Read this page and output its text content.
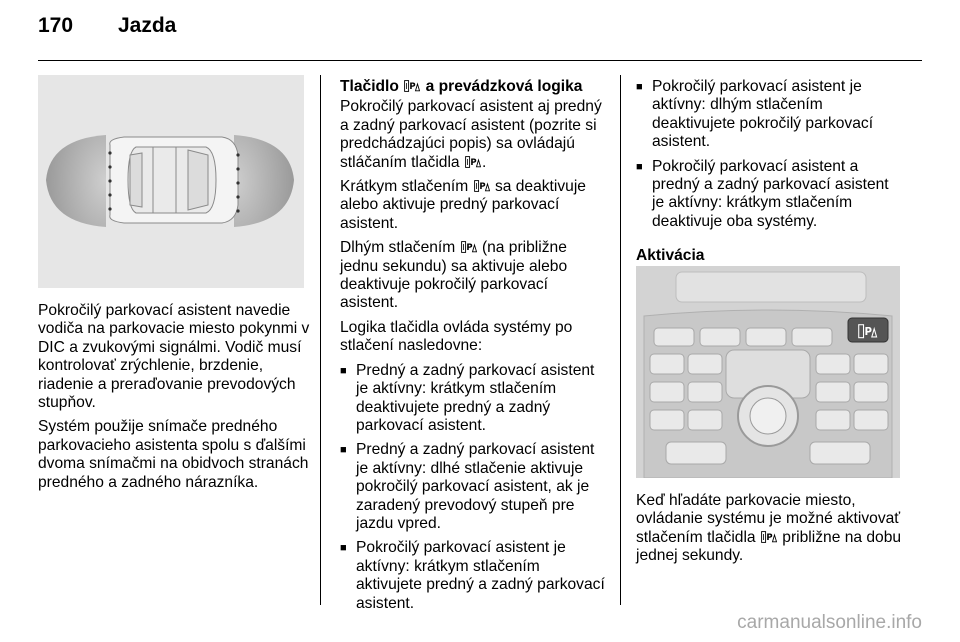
170 Jazda

Pokročilý parkovací asistent navedie vodiča na parkovacie miesto pokynmi v DIC a zvukovými signálmi. Vodič musí kontrolovať zrýchlenie, brzdenie, riadenie a preraďovanie prevodových stupňov.

Systém použije snímače predného parkovacieho asistenta spolu s ďalšími dvoma snímačmi na obidvoch stranách predného a zadného nárazníka.

Tlačidlo a prevádzková logika

Pokročilý parkovací asistent aj predný a zadný parkovací asistent (pozrite si predchádzajúci popis) sa ovládajú stláčaním tlačidla .

Krátkym stlačením sa deaktivuje alebo aktivuje predný parkovací asistent.

Dlhým stlačením (na približne jednu sekundu) sa aktivuje alebo deaktivuje pokročilý parkovací asistent.

Logika tlačidla ovláda systémy po stlačení nasledovne:

■ Predný a zadný parkovací asistent je aktívny: krátkym stlačením deaktivujete predný a zadný parkovací asistent.
■ Predný a zadný parkovací asistent je aktívny: dlhé stlačenie aktivuje pokročilý parkovací asistent, ak je zaradený prevodový stupeň pre jazdu vpred.
■ Pokročilý parkovací asistent je aktívny: krátkym stlačením aktivujete predný a zadný parkovací asistent.
■ Pokročilý parkovací asistent je aktívny: dlhým stlačením deaktivujete pokročilý parkovací asistent.
■ Pokročilý parkovací asistent a predný a zadný parkovací asistent je aktívny: krátkym stlačením deaktivuje oba systémy.
Aktivácia
P

Keď hľadáte parkovacie miesto, ovládanie systému je možné aktivovať stlačením tlačidla približne na dobu jednej sekundy.

carmanualsonline.info
